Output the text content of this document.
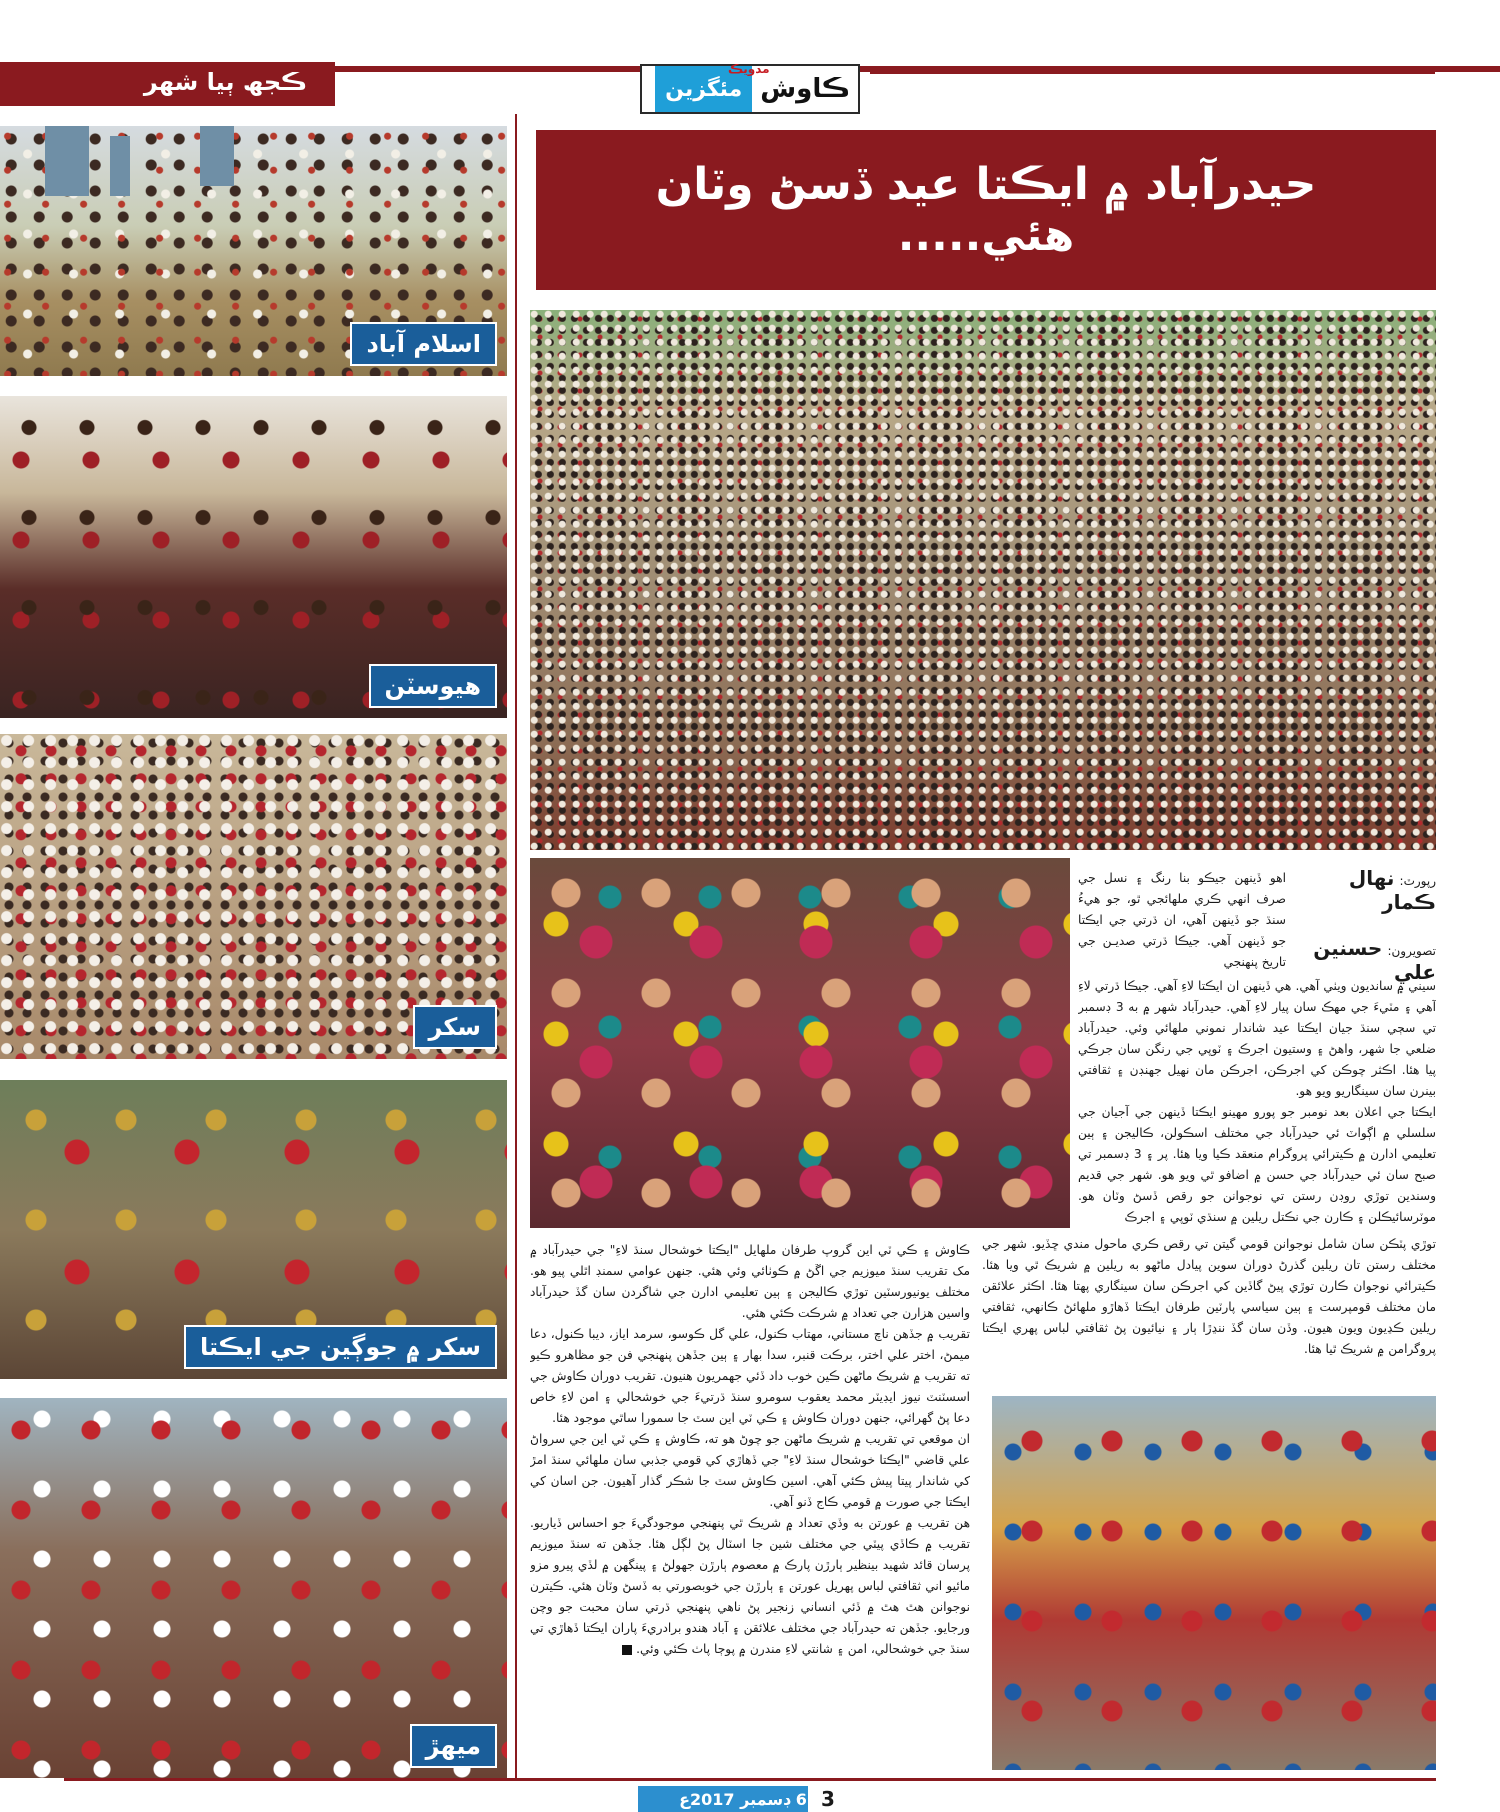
ڪجھ ٻيا شهر	ڪاوش
مئگزين
مدويڪ
اسلام آباد
هيوسٽن
سکر
سکر ۾ جوڳين جي ايڪتا
ميهڙ
حيدرآباد ۾ ايڪتا عيد ڏسڻ وٽان هئي.....
رپورٽ: نهال ڪمار
تصويرون: حسنين علي

اهو ڏينهن جيڪو بنا رنگ ۽ نسل جي صرف انهي ڪري ملهائجي ٿو، جو هيءُ سنڌ جو ڏينهن آهي، ان ڌرتي جي ايڪتا جو ڏينهن آهي. جيڪا ڌرتي صديـن جي تاريخ پنهنجي

سيني ۾ سانديون ويٺي آهي. هي ڏينهن ان ايڪتا لاءِ آهي. جيڪا ڌرتي لاءِ آهي ۽ مٽيءَ جي مهڪ سان پيار لاءِ آهي. حيدرآباد شهر ۾ به 3 ڊسمبر تي سڄي سنڌ جيان ايڪتا عيد شاندار نموني ملهائي وئي. حيدرآباد ضلعي جا شهر، واهڻ ۽ وستيون اجرڪ ۽ ٽوپي جي رنگن سان جرڪي پيا هئا. اڪثر چوڪن کي اجرڪن، اجرڪن مان نهيل جهنڊن ۽ ثقافتي بينرن سان سينگاريو ويو هو.

ايڪتا جي اعلان بعد نومبر جو پورو مهينو ايڪتا ڏينهن جي آجيان جي سلسلي ۾ اڳواٽ ئي حيدرآباد جي مختلف اسڪولن، ڪاليجن ۽ ٻين تعليمي ادارن ۾ ڪيترائي پروگرام منعقد ڪيا ويا هئا. پر ۽ 3 ڊسمبر تي صبح سان ئي حيدرآباد جي حسن ۾ اضافو ٿي ويو هو. شهر جي قديم وسندين توڙي روڊن رستن تي نوجوانن جو رقص ڏسڻ وٽان هو. موٽرسائيڪلن ۽ ڪارن جي نڪتل ريلين ۾ سنڌي ٽوپي ۽ اجرڪ

توڙي پٽڪن سان شامل نوجوانن قومي گيتن تي رقص ڪري ماحول مندي ڇڏيو. شهر جي مختلف رستن تان ريلين گذرڻ دوران سوين پيادل ماڻهو به ريلين ۾ شريڪ ٿي ويا هئا. ڪيترائي نوجوان ڪارن توڙي پيڻ گاڏين کي اجرڪن سان سينگاري پهتا هئا. اڪثر علائقن مان مختلف قومپرست ۽ ٻين سياسي پارٽين طرفان ايڪتا ڏهاڙو ملهائڻ ڪانهي، ثقافتي ريلين ڪڍيون ويون هيون. وڏن سان گڏ ننڍڙا ٻار ۽ نيائيون پڻ ثقافتي لباس پهري ايڪتا پروگرامن ۾ شريڪ ٿيا هئا.

ڪاوش ۽ ڪي ٽي اين گروپ طرفان ملهايل "ايڪتا خوشحال سنڌ لاءِ" جي حيدرآباد ۾ مک تقريب سنڌ ميوزيم جي اڱڻ ۾ ڪوٺائي وئي هئي. جنهن عوامي سمنڊ اٿلي پيو هو. مختلف يونيورسٽين توڙي ڪاليجن ۽ ٻين تعليمي ادارن جي شاگردن سان گڏ حيدرآباد واسين هزارن جي تعداد ۾ شرڪت ڪئي هئي.

تقريب ۾ جڏهن ناچ مستاني، مهتاب ڪنول، علي گل ڪوسو، سرمد اياز، ديبا ڪنول، دعا ميمڻ، اختر علي اختر، برڪت قنبر، سدا بهار ۽ ٻين جڏهن پنهنجي فن جو مظاهرو ڪيو ته تقريب ۾ شريڪ ماڻهن ڪين خوب داد ڏئي جهمريون هنيون. تقريب دوران ڪاوش جي اسسٽنٽ نيوز ايڊيٽر محمد يعقوب سومرو سنڌ ڌرتيءَ جي خوشحالي ۽ امن لاءِ خاص دعا پڻ گهرائي، جنهن دوران ڪاوش ۽ ڪي ٽي اين سٽ جا سمورا ساٿي موجود هئا.

ان موقعي تي تقريب ۾ شريڪ ماڻهن جو چوڻ هو ته، ڪاوش ۽ ڪي ٽي اين جي سرواڻ علي قاضي "ايڪتا خوشحال سنڌ لاءِ" جي ڏهاڙي کي قومي جذبي سان ملهائي سنڌ امڙ کي شاندار پيتا پيش ڪئي آهي. اسين ڪاوش سٽ جا شڪر گذار آهيون. جن اسان کي ايڪتا جي صورت ۾ قومي ڪاج ڏنو آهي.

هن تقريب ۾ عورتن به وڏي تعداد ۾ شريڪ ٿي پنهنجي موجودگيءَ جو احساس ڏياريو. تقريب ۾ ڪاڏي پيٽي جي مختلف شين جا اسٽال پڻ لڳل هئا. جڏهن ته سنڌ ميوزيم پرسان قائد شهيد بينظير ٻارڙن پارڪ ۾ معصوم ٻارڙن جهولڻ ۽ پينگهن ۾ لڏي پيرو مزو مائيو اني ثقافتي لباس پهريل عورتن ۽ ٻارڙن جي خوبصورتي به ڏسڻ وٽان هئي. ڪيترن نوجوانن هٿ هٿ ۾ ڏئي انساني زنجير پڻ ناهي پنهنجي ڌرتي سان محبت جو وچن ورجايو. جڏهن ته حيدرآباد جي مختلف علائقن ۽ آباد هندو برادريءَ پاران ايڪتا ڏهاڙي تي سنڌ جي خوشحالي، امن ۽ شانتي لاءِ مندرن ۾ پوڄا پاٺ ڪئي وئي.

6 ڊسمبر 2017ع 3
